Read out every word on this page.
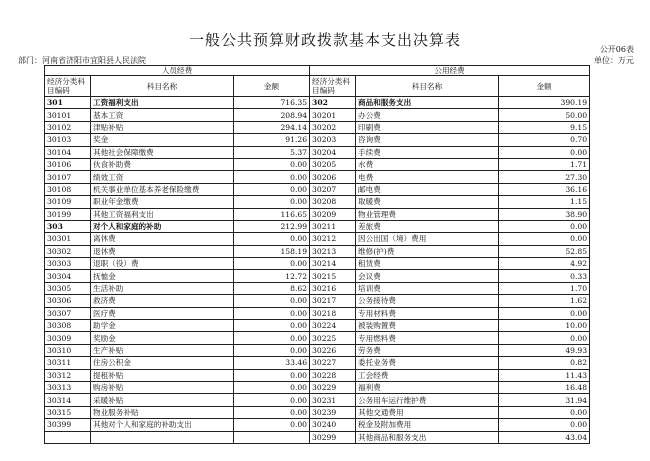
一般公共预算财政拨款基本支出决算表
公开06表
部门：河南省济阳市宜阳县人民法院	单位：万元
人员经费			公用经费		
经济分类科目编码	科目名称	金额	经济分类科目编码	科目名称	金额
301	工资福利支出	716.35	302	商品和服务支出	390.19
30101	基本工资	208.94	30201	办公费	50.00
30102	津贴补贴	294.14	30202	印刷费	9.15
30103	奖金	91.26	30203	咨询费	0.70
30104	其他社会保障缴费	5.37	30204	手续费	0.00
30106	伙食补助费	0.00	30205	水费	1.71
30107	绩效工资	0.00	30206	电费	27.30
30108	机关事业单位基本养老保险缴费	0.00	30207	邮电费	36.16
30109	职业年金缴费	0.00	30208	取暖费	1.15
30199	其他工资福利支出	116.65	30209	物业管理费	38.90
303	对个人和家庭的补助	212.99	30211	差旅费	0.00
30301	离休费	0.00	30212	因公出国（境）费用	0.00
30302	退休费	158.19	30213	维修(护)费	52.85
30303	退职（役）费	0.00	30214	租赁费	4.92
30304	抚恤金	12.72	30215	会议费	0.33
30305	生活补助	8.62	30216	培训费	1.70
30306	救济费	0.00	30217	公务接待费	1.62
30307	医疗费	0.00	30218	专用材料费	0.00
30308	助学金	0.00	30224	被装购置费	10.00
30309	奖励金	0.00	30225	专用燃料费	0.00
30310	生产补贴	0.00	30226	劳务费	49.93
30311	住房公积金	33.46	30227	委托业务费	0.82
30312	提租补贴	0.00	30228	工会经费	11.43
30313	购房补贴	0.00	30229	福利费	16.48
30314	采暖补贴	0.00	30231	公务用车运行维护费	31.94
30315	物业服务补贴	0.00	30239	其他交通费用	0.00
30399	其他对个人和家庭的补助支出	0.00	30240	税金及附加费用	0.00
			30299	其他商品和服务支出	43.04
